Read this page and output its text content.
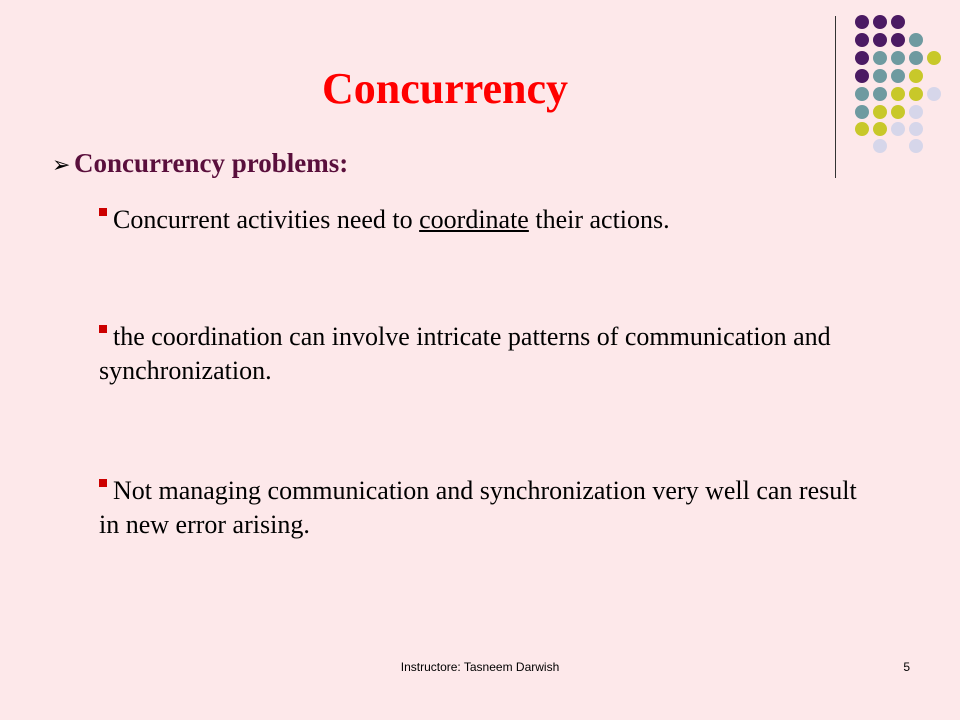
Concurrency
➢ Concurrency problems:
Concurrent activities need to coordinate their actions.
the coordination can involve intricate patterns of communication and synchronization.
Not managing communication and synchronization very well can result in new error arising.
Instructore: Tasneem Darwish	5
